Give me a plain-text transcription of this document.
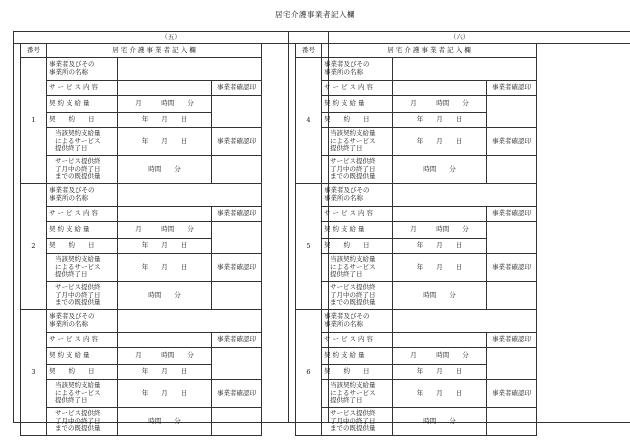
居宅介護事業者記入欄
（五）
番号	居 宅 介 護 事 業 者 記 入 欄		
1	事業者及びその
事業所の名称		
	サービス内容		事業者確認印
	契約支給量	月　　　時間　　分	
	契　　約　　日	年　　月　　日	
	当該契約支給量
によるサービス
提供終了日	年　　月　　日	事業者確認印
	サービス提供終
了月中の終了日
までの既提供量	時間　　分	
2	事業者及びその
事業所の名称		
	サービス内容		事業者確認印
	契約支給量	月　　　時間　　分	
	契　　約　　日	年　　月　　日	
	当該契約支給量
によるサービス
提供終了日	年　　月　　日	事業者確認印
	サービス提供終
了月中の終了日
までの既提供量	時間　　分	
3	事業者及びその
事業所の名称		
	サービス内容		事業者確認印
	契約支給量	月　　　時間　　分	
	契　　約　　日	年　　月　　日	
	当該契約支給量
によるサービス
提供終了日	年　　月　　日	事業者確認印
	サービス提供終
了月中の終了日
までの既提供量	時間　　分	
（六）
番号	居 宅 介 護 事 業 者 記 入 欄		
4	事業者及びその
事業所の名称		
	サービス内容		事業者確認印
	契約支給量	月　　　時間　　分	
	契　　約　　日	年　　月　　日	
	当該契約支給量
によるサービス
提供終了日	年　　月　　日	事業者確認印
	サービス提供終
了月中の終了日
までの既提供量	時間　　分	
5	事業者及びその
事業所の名称		
	サービス内容		事業者確認印
	契約支給量	月　　　時間　　分	
	契　　約　　日	年　　月　　日	
	当該契約支給量
によるサービス
提供終了日	年　　月　　日	事業者確認印
	サービス提供終
了月中の終了日
までの既提供量	時間　　分	
6	事業者及びその
事業所の名称		
	サービス内容		事業者確認印
	契約支給量	月　　　時間　　分	
	契　　約　　日	年　　月　　日	
	当該契約支給量
によるサービス
提供終了日	年　　月　　日	事業者確認印
	サービス提供終
了月中の終了日
までの既提供量	時間　　分	
